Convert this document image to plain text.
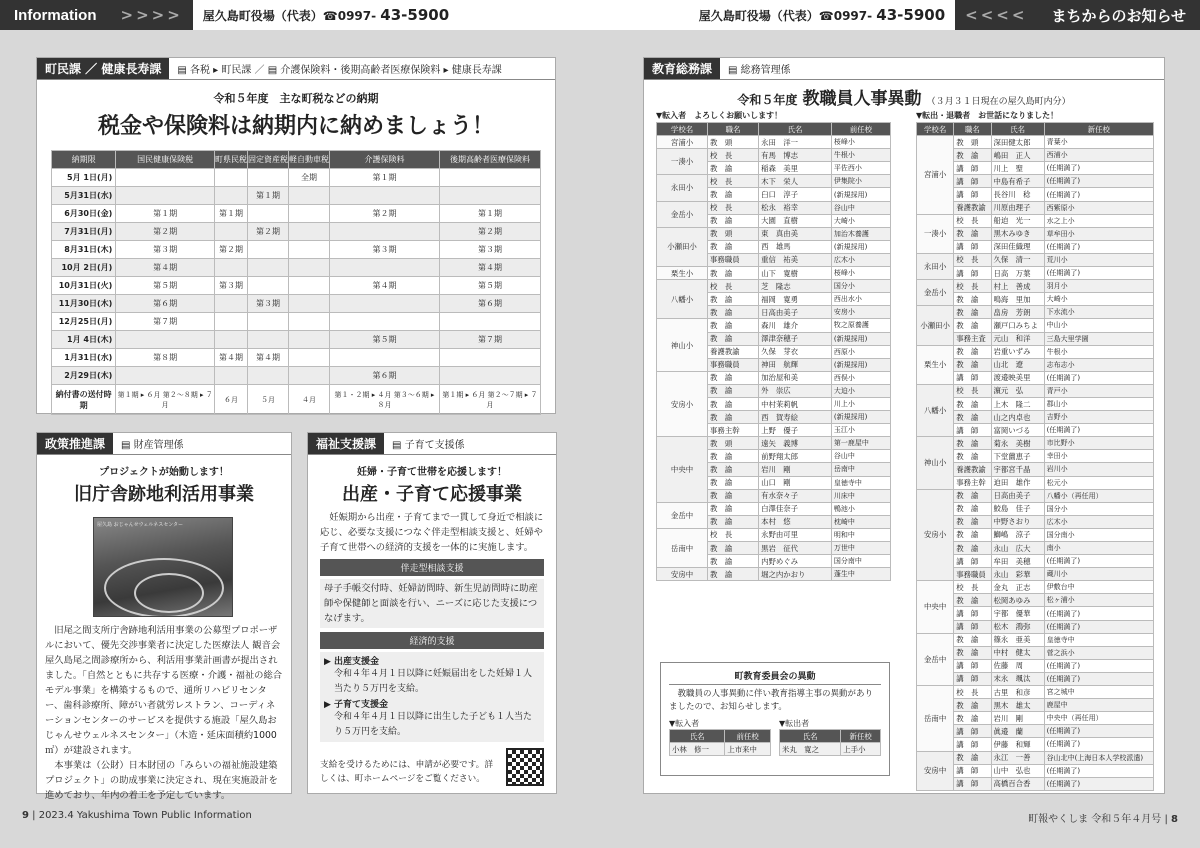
Information	>>>>	屋久島町役場（代表）☎0997- 43-5900	屋久島町役場（代表）☎0997- 43-5900	<<<<	まちからのお知らせ
町民課 ／ 健康長寿課	▤ 各税 ▸ 町民課 ／ ▤ 介護保険料・後期高齢者医療保険料 ▸ 健康長寿課
令和５年度　主な町税などの納期
税金や保険料は納期内に納めましょう！
納期限	国民健康保険税	町県民税	固定資産税	軽自動車税	介護保険料	後期高齢者医療保険料
5月 1日(月)				全期	第１期	
5月31日(水)			第１期			
6月30日(金)	第１期	第１期			第２期	第１期
7月31日(月)	第２期		第２期			第２期
8月31日(木)	第３期	第２期			第３期	第３期
10月 2日(月)	第４期					第４期
10月31日(火)	第５期	第３期			第４期	第５期
11月30日(木)	第６期		第３期			第６期
12月25日(月)	第７期					
1月 4日(木)					第５期	第７期
1月31日(水)	第８期	第４期	第４期			
2月29日(木)					第６期	
納付書の送付時期	第１期 ▸ ６月 第２～８期 ▸ ７月	６月	５月	４月	第１・２期 ▸ ４月 第３～６期 ▸ ８月	第１期 ▸ ６月 第２～７期 ▸ ７月
政策推進課	▤ 財産管理係
プロジェクトが始動します！
旧庁舎跡地利活用事業
屋久島 おじゃんせウェルネスセンター

旧尾之間支所庁舎跡地利活用事業の公募型プロポーザルにおいて、優先交渉事業者に決定した医療法人 観音会 屋久島尾之間診療所から、利活用事業計画書が提出されました。「自然とともに共存する医療・介護・福祉の総合モデル事業」を構築するもので、通所リハビリセンター、歯科診療所、障がい者就労レストラン、コーディネーションセンターのサービスを提供する施設「屋久島おじゃんせウェルネスセンター」（木造・延床面積約1000㎡）が建設されます。

本事業は（公財）日本財団の「みらいの福祉施設建築プロジェクト」の助成事業に決定され、現在実施設計を進めており、年内の着工を予定しています。

福祉支援課	▤ 子育て支援係
妊婦・子育て世帯を応援します！
出産・子育て応援事業

妊娠期から出産・子育てまで一貫して身近で相談に応じ、必要な支援につなぐ伴走型相談支援と、妊婦や子育て世帯への経済的支援を一体的に実施します。

伴走型相談支援

母子手帳交付時、妊婦訪問時、新生児訪問時に助産師や保健師と面談を行い、ニーズに応じた支援につなげます。

経済的支援
▶ 出産支援金
令和４年４月１日以降に妊娠届出をした妊婦１人当たり５万円を支給。
▶ 子育て支援金
令和４年４月１日以降に出生した子ども１人当たり５万円を支給。

支給を受けるためには、申請が必要です。詳しくは、町ホームページをご覧ください。

教育総務課	▤ 総務管理係
令和５年度 教職員人事異動 （３月３１日現在の屋久島町内分）
▼転入者　よろしくお願いします！
学校名	職名	氏名	前任校
宮浦小	教　頭	永田　洋一	桜峰小
一湊小	校　長	有馬　博志	牛根小
	教　諭	稲森　美里	平佐西小
永田小	校　長	木下　栄人	伊集院小
	教　諭	臼口　淳子	(新規採用)
金岳小	校　長	松永　裕幸	谷山中
	教　諭	大園　直樹	大崎小
小瀬田小	教　頭	東　真由美	加治木養護
	教　諭	西　雄馬	(新規採用)
	事務職員	重信　祐美	広木小
栗生小	教　諭	山下　寛樹	桜峰小
八幡小	校　長	芝　隆志	国分小
	教　諭	福岡　寛勇	西出水小
	教　諭	日高由美子	安房小
神山小	教　諭	森川　雄介	牧之原養護
	教　諭	澤津奈穂子	(新規採用)
	養護教諭	久保　芽衣	西原小
	事務職員	神田　航輝	(新規採用)
安房小	教　諭	加治屋和美	西俣小
	教　諭	外　崇広	大迫小
	教　諭	中村茉莉帆	川上小
	教　諭	西　賀寿絵	(新規採用)
	事務主幹	上野　優子	玉江小
中央中	教　頭	遠矢　義博	第一鹿屋中
	教　諭	前野翔太郎	谷山中
	教　諭	岩川　剛	岳南中
	教　諭	山口　剛	皇徳寺中
	教　諭	有水奈々子	川床中
金岳中	教　諭	白澤佳奈子	鴨池小
	教　諭	本村　悠	枕崎中
岳南中	校　長	永野由可里	明和中
	教　諭	黒岩　征代	万世中
	教　諭	内野めぐみ	国分南中
安房中	教　諭	堀之内かおり	蓬生中
▼転出・退職者　お世話になりました！
学校名	職名	氏名	新任校
宮浦小	教　頭	深田健太郎	青葉小
	教　諭	嶋田　正人	西浦小
	講　師	川上　聖	(任期満了)
	講　師	中島有希子	(任期満了)
	講　師	長谷川　稔	(任期満了)
	養護教諭	川原由理子	西紫原小
一湊小	校　長	船迫　光一	水之上小
	教　諭	黒木みゆき	草牟田小
	講　師	深田佳織理	(任期満了)
永田小	校　長	久保　清一	荒川小
	講　師	日高　万葉	(任期満了)
金岳小	校　長	村上　善成	羽月小
	教　諭	鳴海　里加	大崎小
小瀬田小	教　諭	畠房　芳朗	下水流小
	教　諭	瀬戸口みちよ	中山小
	事務主査	元山　和洋	三島大里学園
栗生小	教　諭	岩重いずみ	牛根小
	教　諭	山北　遼	志布志小
	講　師	渡邉映美里	(任期満了)
八幡小	校　長	濵元　弘	青戸小
	教　諭	上木　隆二	郡山小
	教　諭	山之内卓也	吉野小
	講　師	富岡いづる	(任期満了)
神山小	教　諭	菊永　美樹	市比野小
	教　諭	下堂薗恵子	幸田小
	養護教諭	宇都宮千晶	岩川小
	事務主幹	迫田　雄作	松元小
安房小	教　諭	日高由美子	八幡小（再任用）
	教　諭	鮫島　佳子	国分小
	教　諭	中野さおり	広木小
	教　諭	鰤嶋　涼子	国分南小
	教　諭	永山　広大	南小
	講　師	牟田　美穂	(任期満了)
	事務職員	永山　彩華	蔵川小
中央中	校　長	金丸　正志	伊敷台中
	教　諭	松岡あゆみ	松ヶ浦小
	講　師	宇都　優華	(任期満了)
	講　師	松木　鴻弥	(任期満了)
金岳中	教　諭	篠永　亜美	皇徳寺中
	教　諭	中村　健太	菅之浜小
	講　師	佐藤　周	(任期満了)
	講　師	末永　颯汰	(任期満了)
岳南中	校　長	古里　和彦	宮之城中
	教　諭	黒木　雄太	鹿屋中
	教　諭	岩川　剛	中央中（再任用）
	講　師	眞邉　蘭	(任期満了)
	講　師	伊藤　和輝	(任期満了)
安房中	教　諭	永江　一善	谷山北中(上海日本人学校派遣)
	講　師	山中　弘也	(任期満了)
	講　師	高橋百合香	(任期満了)
町教育委員会の異動

教職員の人事異動に伴い教育指導主事の異動がありましたので、お知らせします。

▼転入者
氏名	前任校
小林　修一	上市来中
▼転出者
氏名	新任校
米丸　寛之	上手小
9 | 2023.4 Yakushima Town Public Information	町報やくしま 令和５年４月号 | 8
